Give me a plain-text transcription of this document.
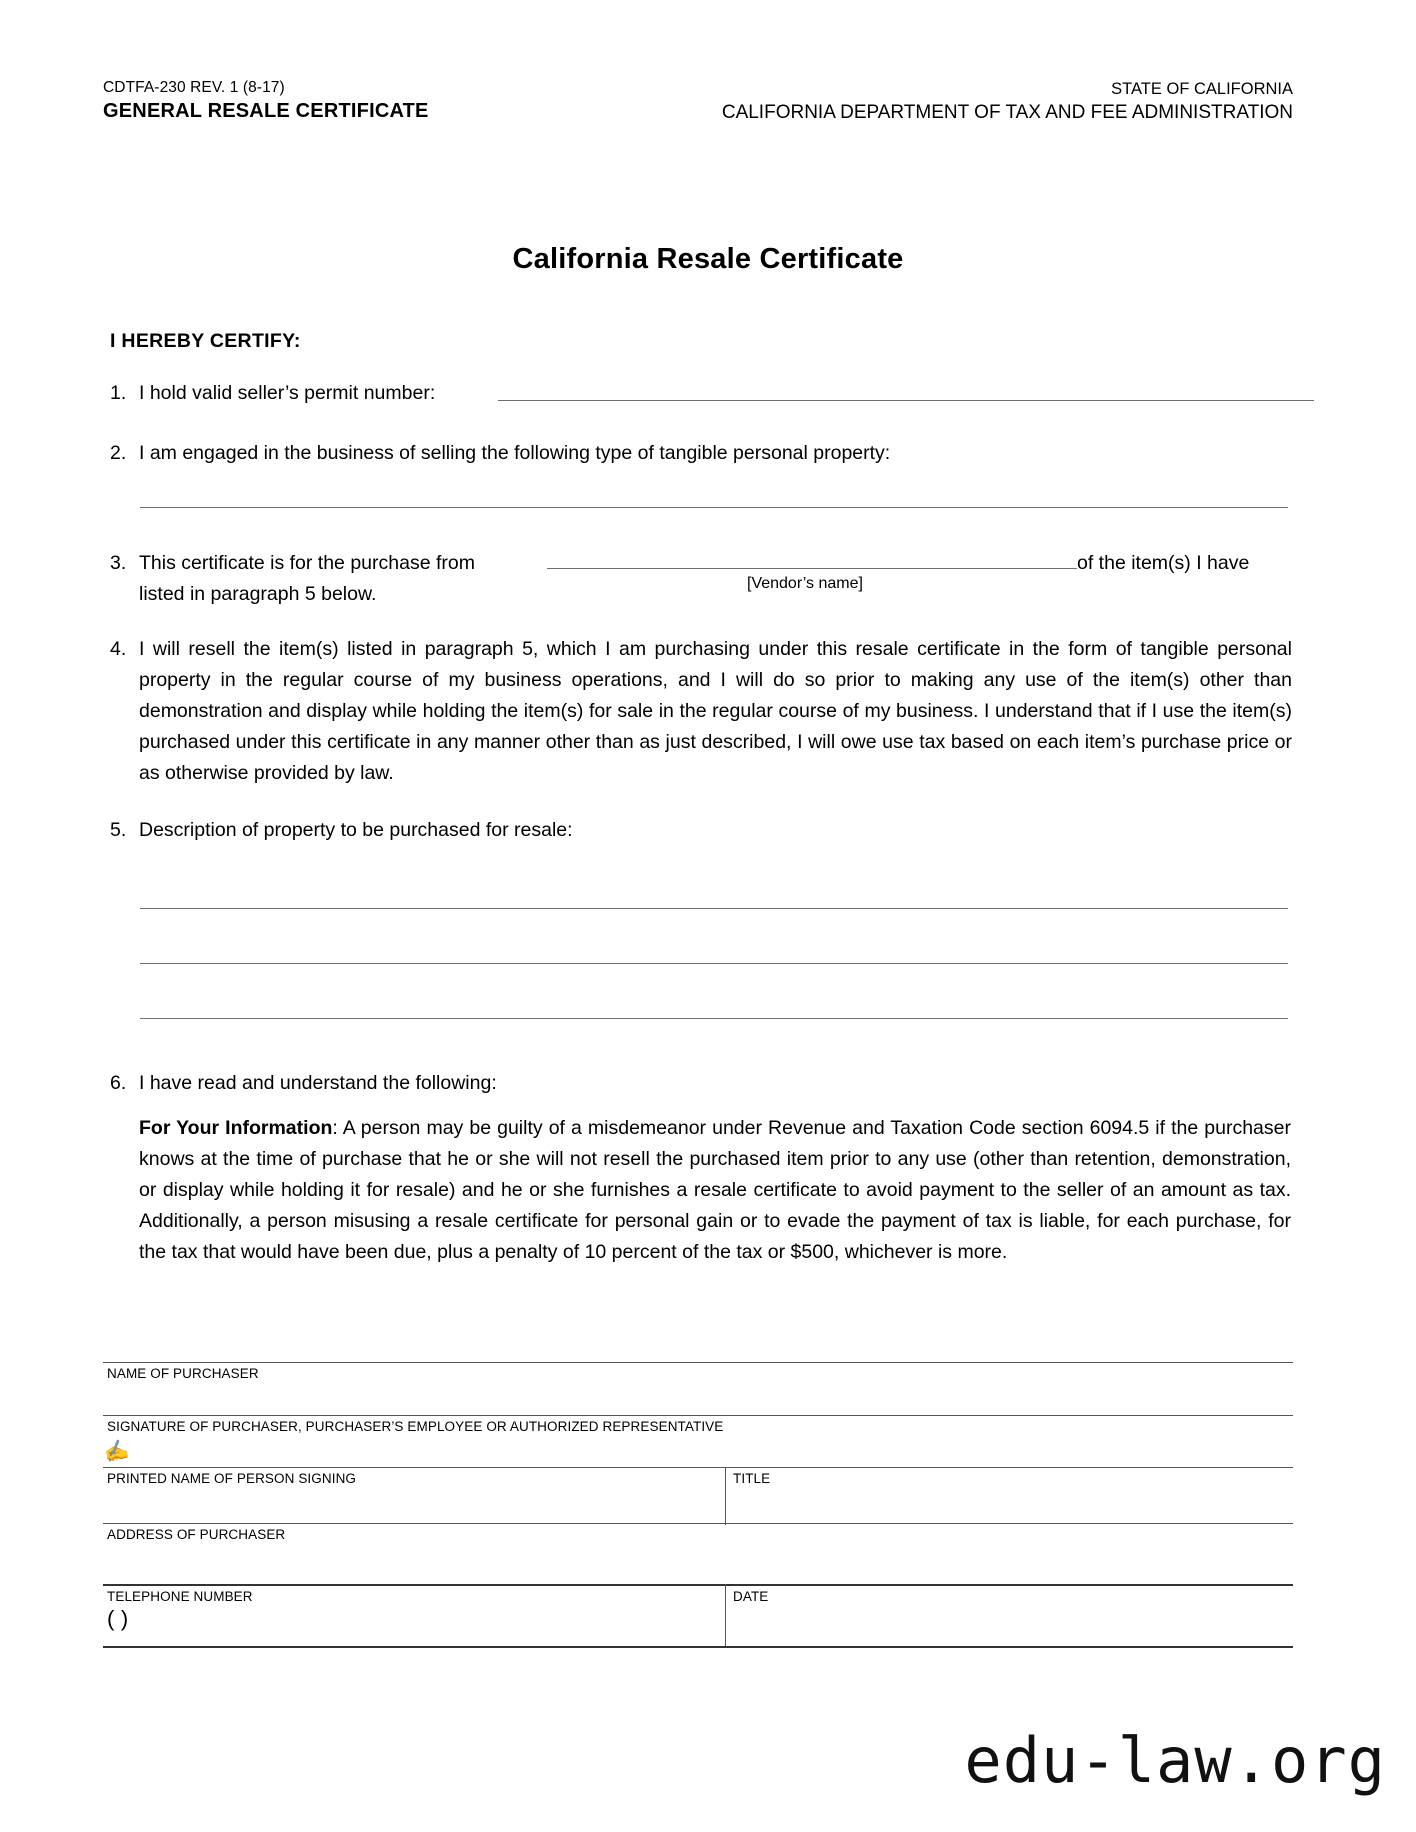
CDTFA-230 REV. 1 (8-17)
GENERAL RESALE CERTIFICATE
STATE OF CALIFORNIA
CALIFORNIA DEPARTMENT OF TAX AND FEE ADMINISTRATION
California Resale Certificate
I HEREBY CERTIFY:
1. I hold valid seller’s permit number:
2. I am engaged in the business of selling the following type of tangible personal property:
3. This certificate is for the purchase from
[Vendor’s name]
of the item(s) I have
listed in paragraph 5 below.
4. I will resell the item(s) listed in paragraph 5, which I am purchasing under this resale certificate in the form of tangible personal property in the regular course of my business operations, and I will do so prior to making any use of the item(s) other than demonstration and display while holding the item(s) for sale in the regular course of my business. I understand that if I use the item(s) purchased under this certificate in any manner other than as just described, I will owe use tax based on each item’s purchase price or as otherwise provided by law.
5. Description of property to be purchased for resale:
6. I have read and understand the following:
For Your Information: A person may be guilty of a misdemeanor under Revenue and Taxation Code section 6094.5 if the purchaser knows at the time of purchase that he or she will not resell the purchased item prior to any use (other than retention, demonstration, or display while holding it for resale) and he or she furnishes a resale certificate to avoid payment to the seller of an amount as tax. Additionally, a person misusing a resale certificate for personal gain or to evade the payment of tax is liable, for each purchase, for the tax that would have been due, plus a penalty of 10 percent of the tax or $500, whichever is more.
NAME OF PURCHASER
SIGNATURE OF PURCHASER, PURCHASER’S EMPLOYEE OR AUTHORIZED REPRESENTATIVE
✍
PRINTED NAME OF PERSON SIGNING	TITLE
ADDRESS OF PURCHASER
TELEPHONE NUMBER
( )
DATE
edu-law.org
